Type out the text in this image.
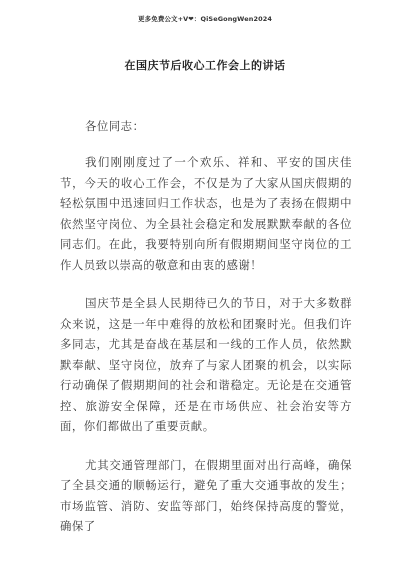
更多免费公文+V❤：QiSeGongWen2024
在国庆节后收心工作会上的讲话
各位同志：

我们刚刚度过了一个欢乐、祥和、平安的国庆佳节，今天的收心工作会，不仅是为了大家从国庆假期的轻松氛围中迅速回归工作状态，也是为了表扬在假期中依然坚守岗位、为全县社会稳定和发展默默奉献的各位同志们。在此，我要特别向所有假期期间坚守岗位的工作人员致以崇高的敬意和由衷的感谢！

国庆节是全县人民期待已久的节日，对于大多数群众来说，这是一年中难得的放松和团聚时光。但我们许多同志，尤其是奋战在基层和一线的工作人员，依然默默奉献、坚守岗位，放弃了与家人团聚的机会，以实际行动确保了假期期间的社会和谐稳定。无论是在交通管控、旅游安全保障，还是在市场供应、社会治安等方面，你们都做出了重要贡献。

尤其交通管理部门，在假期里面对出行高峰，确保了全县交通的顺畅运行，避免了重大交通事故的发生；市场监管、消防、安监等部门，始终保持高度的警觉，确保了
